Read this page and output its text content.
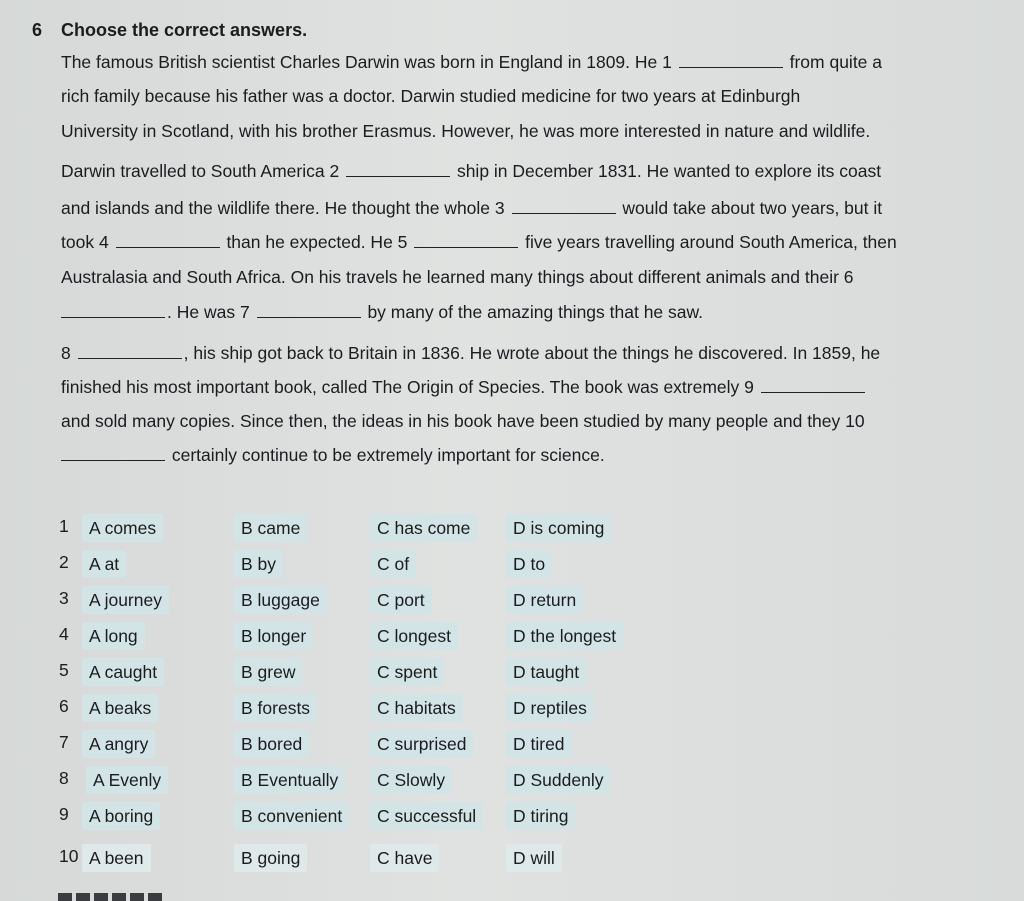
6 Choose the correct answers.
The famous British scientist Charles Darwin was born in England in 1809. He 1	from quite a
rich family because his father was a doctor. Darwin studied medicine for two years at Edinburgh
University in Scotland, with his brother Erasmus. However, he was more interested in nature and wildlife.
Darwin travelled to South America 2	ship in December 1831. He wanted to explore its coast
and islands and the wildlife there. He thought the whole 3	would take about two years, but it
took 4	than he expected. He 5	five years travelling around South America, then
Australasia and South Africa. On his travels he learned many things about different animals and their 6
. He was 7	by many of the amazing things that he saw.
8	, his ship got back to Britain in 1836. He wrote about the things he discovered. In 1859, he
finished his most important book, called The Origin of Species. The book was extremely 9
and sold many copies. Since then, the ideas in his book have been studied by many people and they 10
certainly continue to be extremely important for science.
1	A comes	B came	C has come	D is coming
2	A at	B by	C of	D to
3	A journey	B luggage	C port	D return
4	A long	B longer	C longest	D the longest
5	A caught	B grew	C spent	D taught
6	A beaks	B forests	C habitats	D reptiles
7	A angry	B bored	C surprised	D tired
8	A Evenly	B Eventually	C Slowly	D Suddenly
9	A boring	B convenient	C successful	D tiring
10 A been	B going	C have	D will
